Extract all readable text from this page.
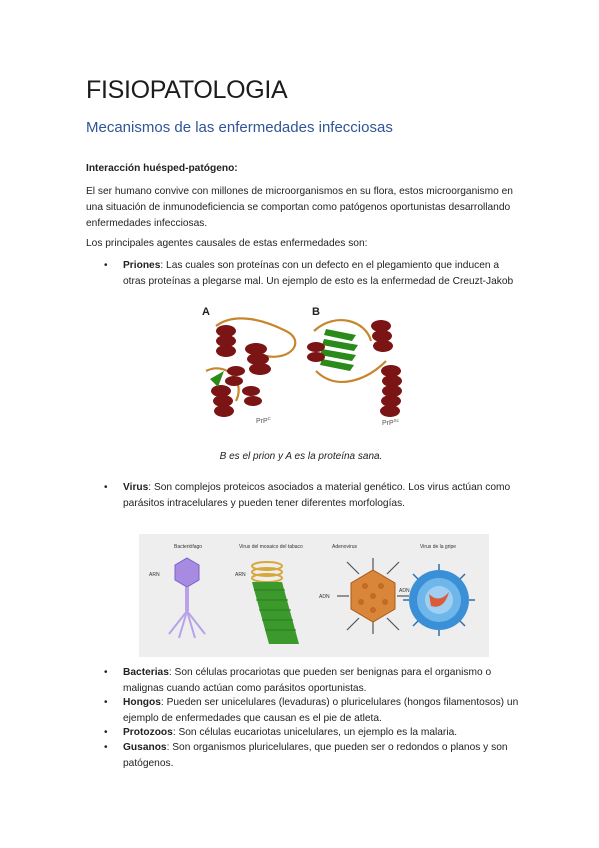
FISIOPATOLOGIA
Mecanismos de las enfermedades infecciosas
Interacción huésped-patógeno:
El ser humano convive con millones de microorganismos en su flora, estos microorganismo en una situación de inmunodeficiencia se comportan como patógenos oportunistas desarrollando enfermedades infecciosas.
Los principales agentes causales de estas enfermedades son:
• Priones: Las cuales son proteínas con un defecto en el plegamiento que inducen a otras proteínas a plegarse mal. Un ejemplo de esto es la enfermedad de Creuzt-Jakob
A	B
PrP$^C$
PrP$^{Sc}$
B es el prion y A es la proteína sana.
• Virus: Son complejos proteicos asociados a material genético. Los virus actúan como parásitos intracelulares y pueden tener diferentes morfologías.
Bacteriófago	Virus del mosaico del tabaco	Adenovirus	Virus de la gripe
ARN	ARN
ADN
ADN
• Bacterias: Son células procariotas que pueden ser benignas para el organismo o malignas cuando actúan como parásitos oportunistas.
• Hongos: Pueden ser unicelulares (levaduras) o pluricelulares (hongos filamentosos) un ejemplo de enfermedades que causan es el pie de atleta.
• Protozoos: Son células eucariotas unicelulares, un ejemplo es la malaria.
• Gusanos: Son organismos pluricelulares, que pueden ser o redondos o planos y son patógenos.
